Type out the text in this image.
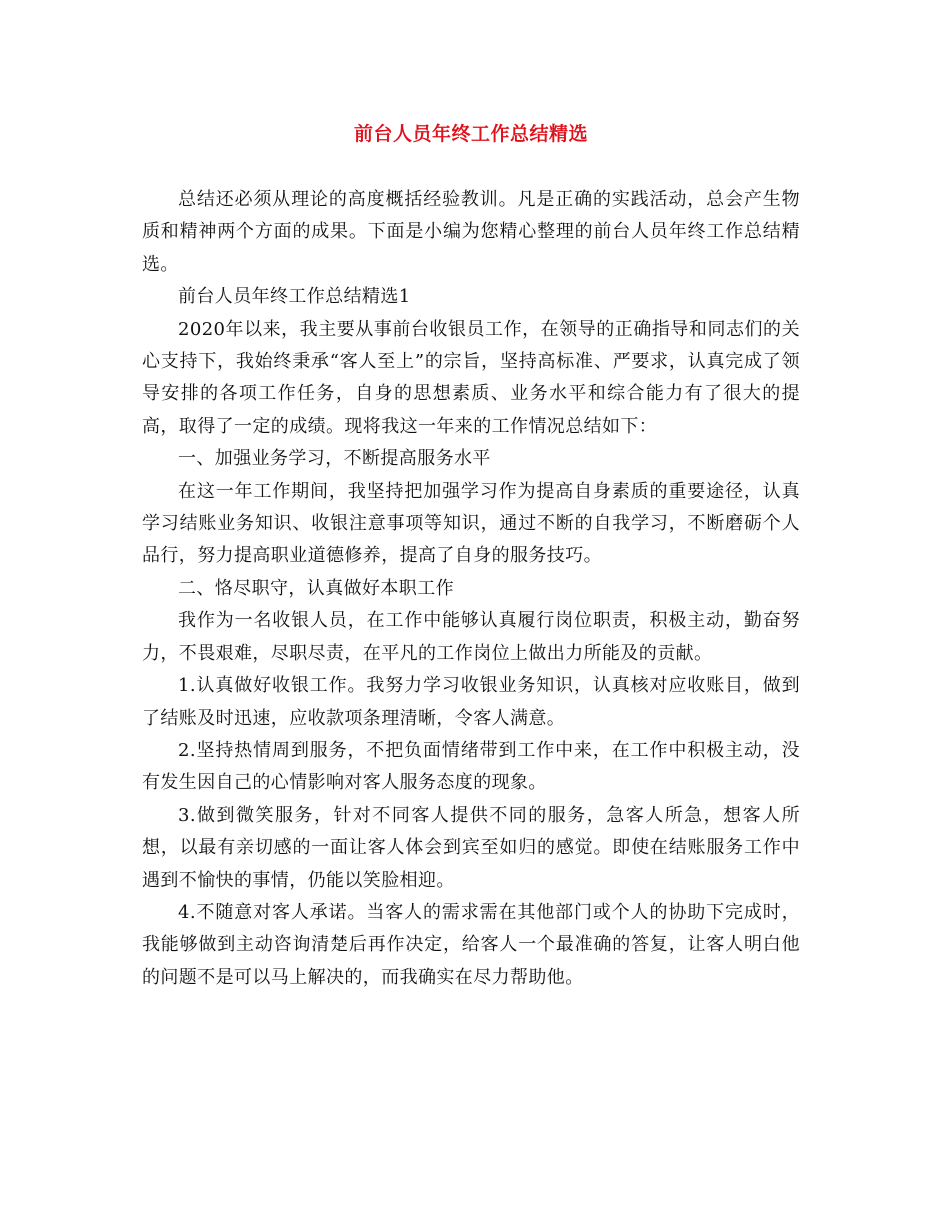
前台人员年终工作总结精选

总结还必须从理论的高度概括经验教训。凡是正确的实践活动，总会产生物质和精神两个方面的成果。下面是小编为您精心整理的前台人员年终工作总结精选。

前台人员年终工作总结精选1

2020年以来，我主要从事前台收银员工作，在领导的正确指导和同志们的关心支持下，我始终秉承“客人至上”的宗旨，坚持高标准、严要求，认真完成了领导安排的各项工作任务，自身的思想素质、业务水平和综合能力有了很大的提高，取得了一定的成绩。现将我这一年来的工作情况总结如下：

一、加强业务学习，不断提高服务水平

在这一年工作期间，我坚持把加强学习作为提高自身素质的重要途径，认真学习结账业务知识、收银注意事项等知识，通过不断的自我学习，不断磨砺个人品行，努力提高职业道德修养，提高了自身的服务技巧。

二、恪尽职守，认真做好本职工作

我作为一名收银人员，在工作中能够认真履行岗位职责，积极主动，勤奋努力，不畏艰难，尽职尽责，在平凡的工作岗位上做出力所能及的贡献。

1.认真做好收银工作。我努力学习收银业务知识，认真核对应收账目，做到了结账及时迅速，应收款项条理清晰，令客人满意。

2.坚持热情周到服务，不把负面情绪带到工作中来，在工作中积极主动，没有发生因自己的心情影响对客人服务态度的现象。

3.做到微笑服务，针对不同客人提供不同的服务，急客人所急，想客人所想，以最有亲切感的一面让客人体会到宾至如归的感觉。即使在结账服务工作中遇到不愉快的事情，仍能以笑脸相迎。

4.不随意对客人承诺。当客人的需求需在其他部门或个人的协助下完成时，我能够做到主动咨询清楚后再作决定，给客人一个最准确的答复，让客人明白他的问题不是可以马上解决的，而我确实在尽力帮助他。
